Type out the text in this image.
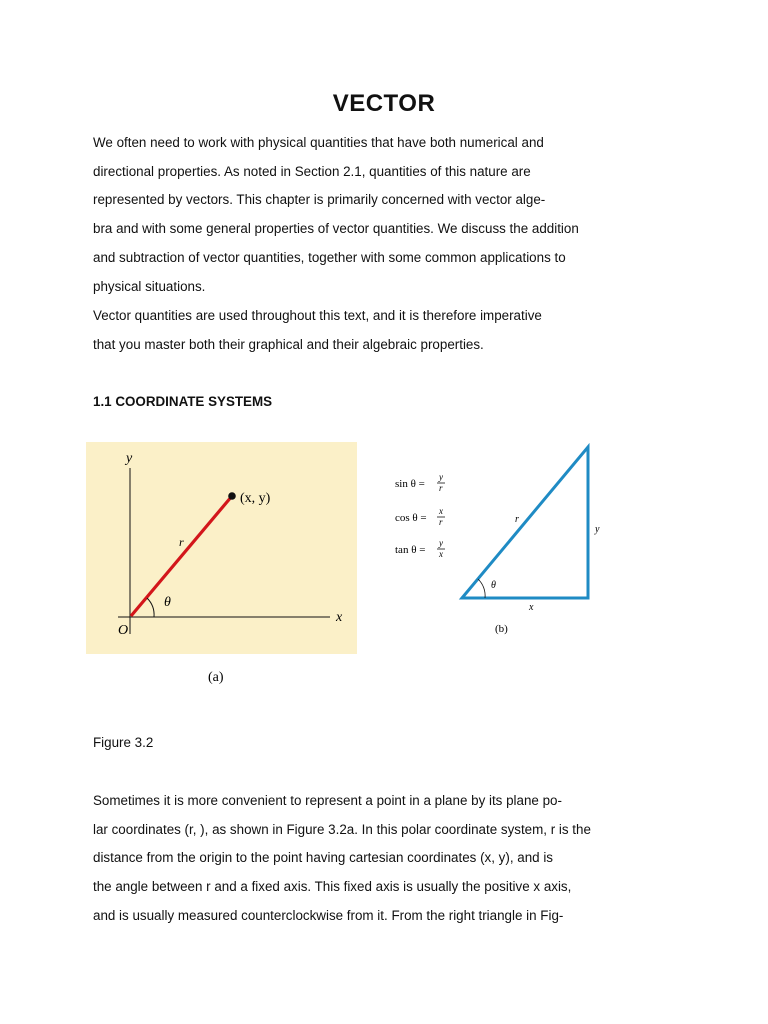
VECTOR
We often need to work with physical quantities that have both numerical and
directional properties. As noted in Section 2.1, quantities of this nature are
represented by vectors. This chapter is primarily concerned with vector alge-
bra and with some general properties of vector quantities. We discuss the addition
and subtraction of vector quantities, together with some common applications to
physical situations.
Vector quantities are used throughout this text, and it is therefore imperative
that you master both their graphical and their algebraic properties.
1.1 COORDINATE SYSTEMS
y
x
O
(x, y)
r
θ
(a)
sin θ =
y
r
cos θ =
x
r
tan θ =
y
x
r
y
x
θ
(b)
Figure 3.2
Sometimes it is more convenient to represent a point in a plane by its plane po-
lar coordinates (r, ), as shown in Figure 3.2a. In this polar coordinate system, r is the
distance from the origin to the point having cartesian coordinates (x, y), and is
the angle between r and a fixed axis. This fixed axis is usually the positive x axis,
and is usually measured counterclockwise from it. From the right triangle in Fig-
